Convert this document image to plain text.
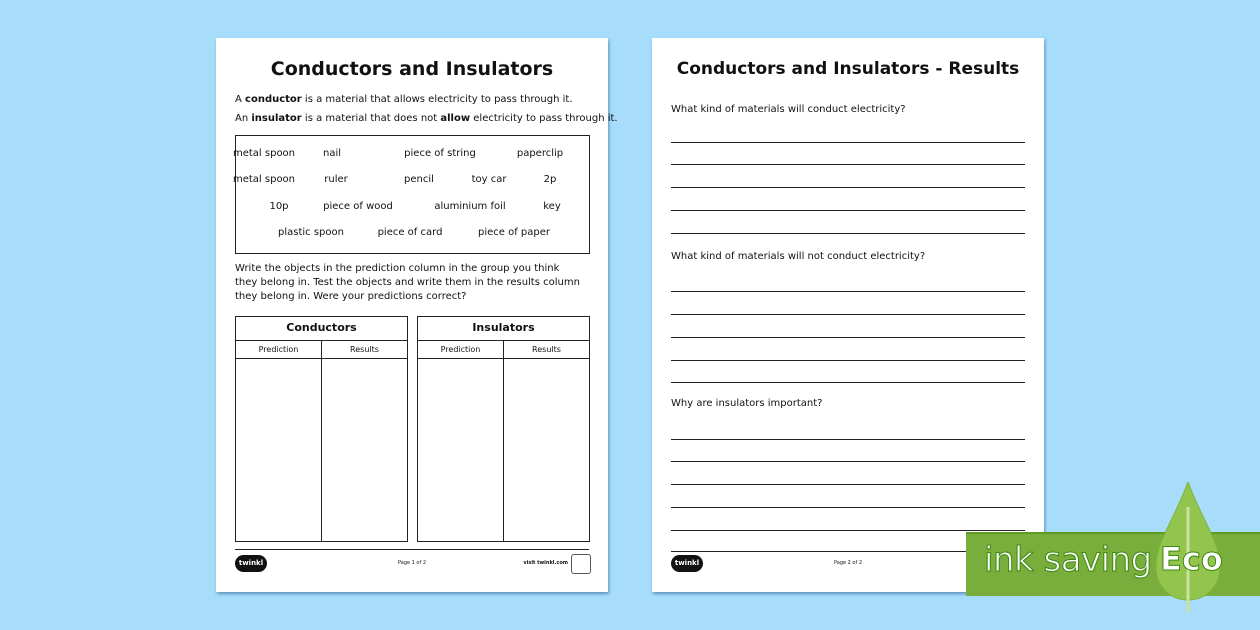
Conductors and Insulators
A conductor is a material that allows electricity to pass through it.
An insulator is a material that does not allow electricity to pass through it.
metal spoon	nail	piece of string	paperclip
metal spoon	ruler	pencil	toy car	2p
10p	piece of wood	aluminium foil	key
plastic spoon	piece of card	piece of paper
Write the objects in the prediction column in the group you think
they belong in. Test the objects and write them in the results column
they belong in. Were your predictions correct?
Conductors
Prediction	Results
Insulators
Prediction	Results
twinkl	Page 1 of 2	visit twinkl.com
Conductors and Insulators - Results
What kind of materials will conduct electricity?
What kind of materials will not conduct electricity?
Why are insulators important?
twinkl	Page 2 of 2	ink saving Eco
